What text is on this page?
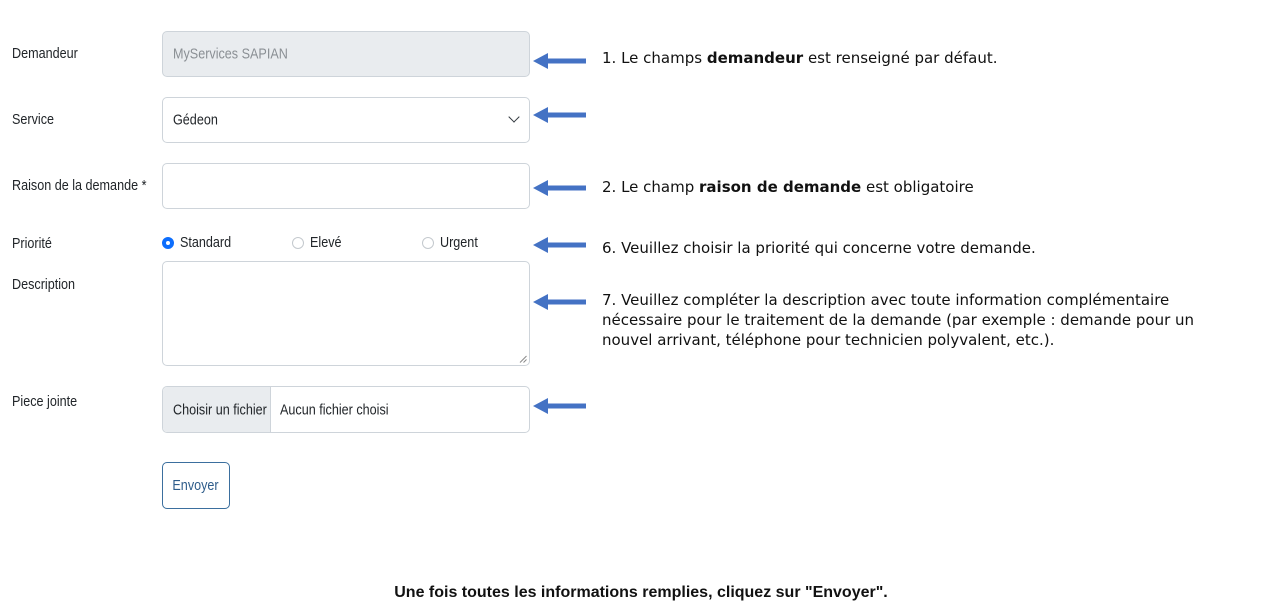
Demandeur
Service
Raison de la demande *
Priorité
Description
Piece jointe
MyServices SAPIAN
Gédeon
Standard	Elevé	Urgent
Choisir un fichier Aucun fichier choisi
Envoyer
1. Le champs demandeur est renseigné par défaut.
2. Le champ raison de demande est obligatoire
6. Veuillez choisir la priorité qui concerne votre demande.
7. Veuillez compléter la description avec toute information complémentaire
nécessaire pour le traitement de la demande (par exemple : demande pour un
nouvel arrivant, téléphone pour technicien polyvalent, etc.).
Une fois toutes les informations remplies, cliquez sur "Envoyer".
